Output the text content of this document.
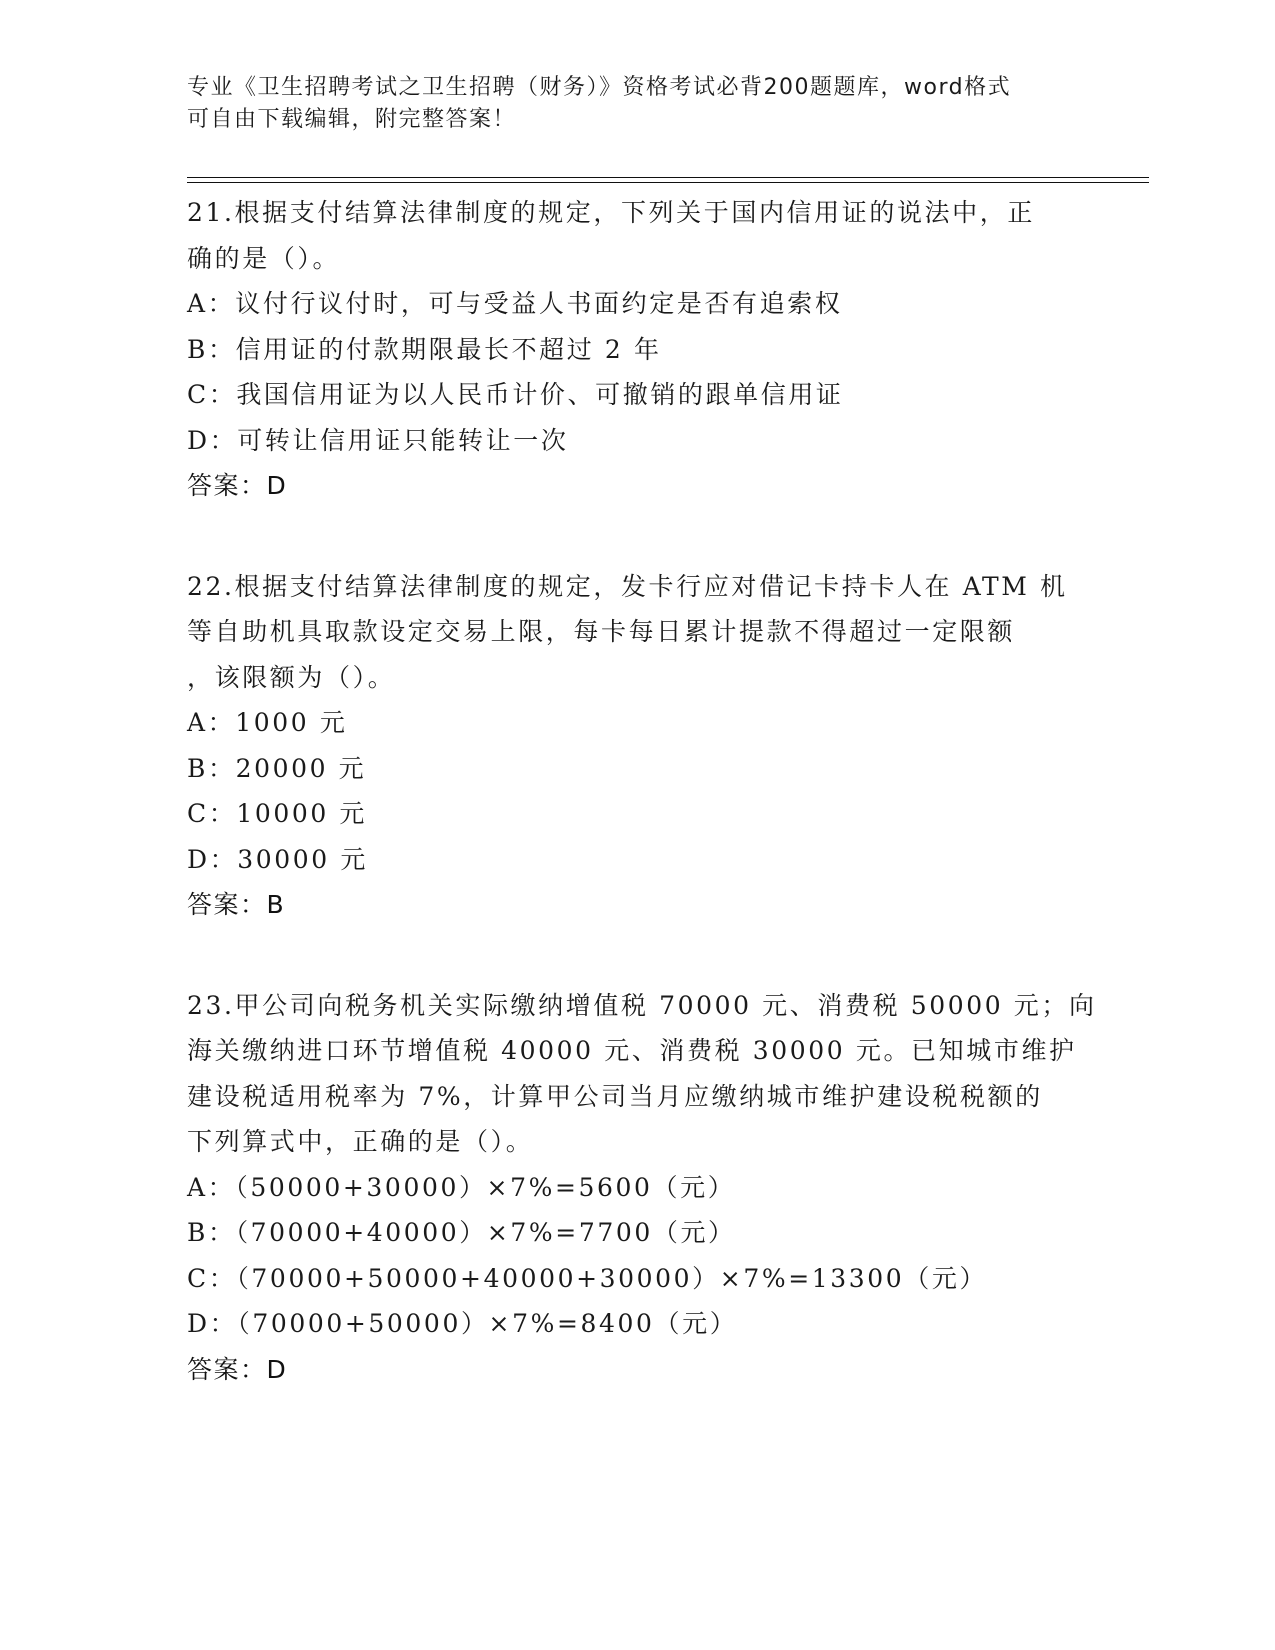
专业《卫生招聘考试之卫生招聘（财务）》资格考试必背200题题库，word格式
可自由下载编辑，附完整答案！
21.根据支付结算法律制度的规定，下列关于国内信用证的说法中，正
确的是（）。
A：议付行议付时，可与受益人书面约定是否有追索权
B：信用证的付款期限最长不超过 2 年
C：我国信用证为以人民币计价、可撤销的跟单信用证
D：可转让信用证只能转让一次
答案：D
22.根据支付结算法律制度的规定，发卡行应对借记卡持卡人在 ATM 机
等自助机具取款设定交易上限，每卡每日累计提款不得超过一定限额
，该限额为（）。
A：1000 元
B：20000 元
C：10000 元
D：30000 元
答案：B
23.甲公司向税务机关实际缴纳增值税 70000 元、消费税 50000 元；向
海关缴纳进口环节增值税 40000 元、消费税 30000 元。已知城市维护
建设税适用税率为 7%，计算甲公司当月应缴纳城市维护建设税税额的
下列算式中，正确的是（）。
A：（50000+30000）×7%=5600（元）
B：（70000+40000）×7%=7700（元）
C：（70000+50000+40000+30000）×7%=13300（元）
D：（70000+50000）×7%=8400（元）
答案：D
